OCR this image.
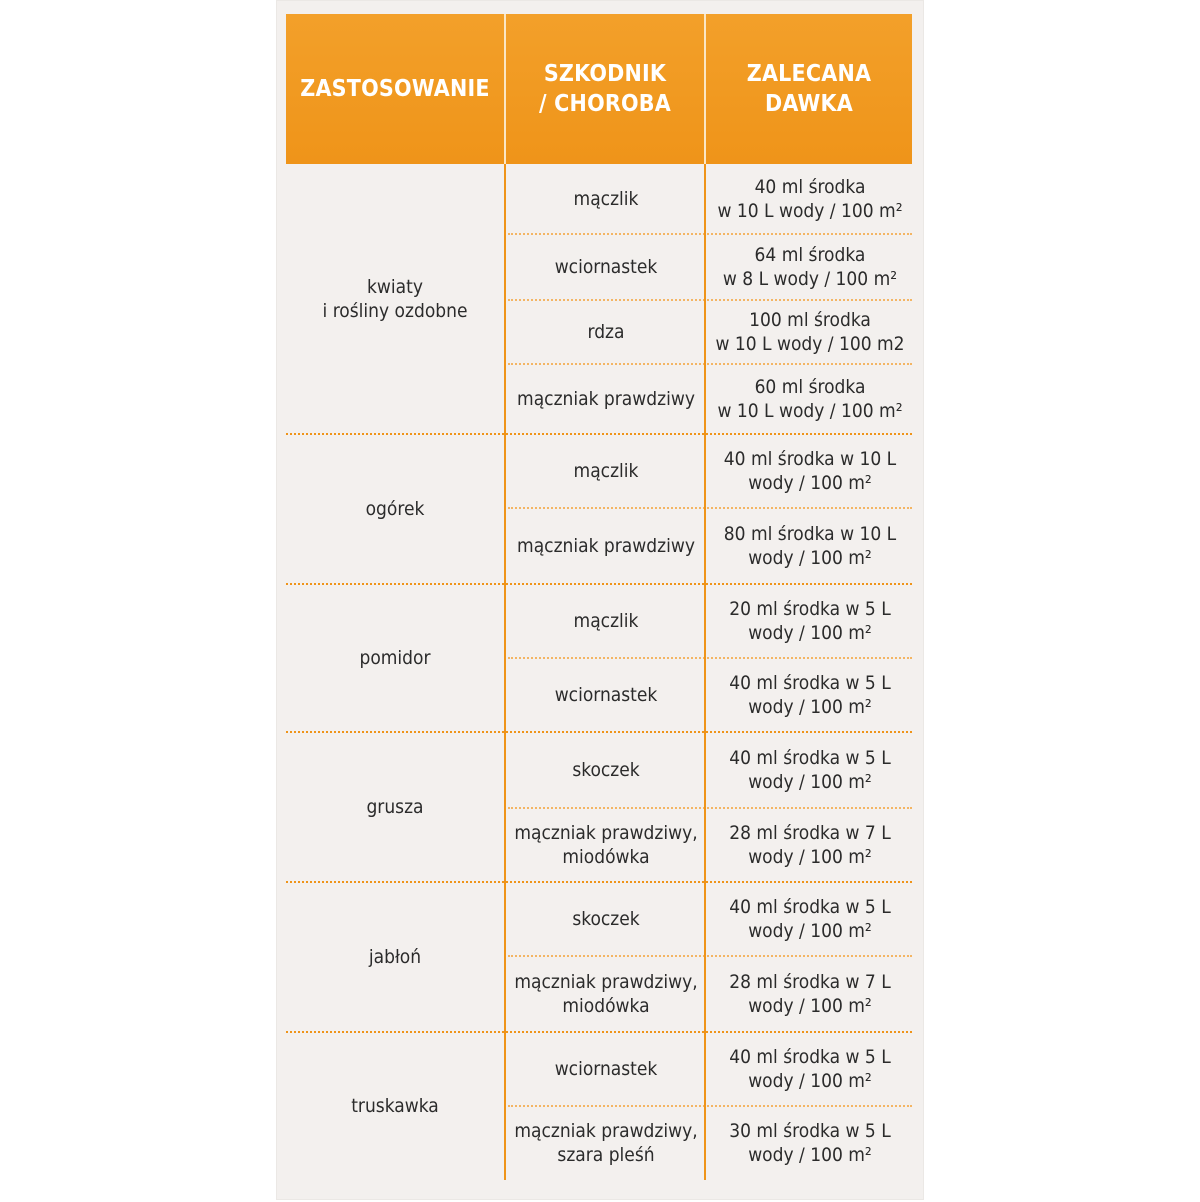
ZASTOSOWANIE
SZKODNIK
/ CHOROBA
ZALECANA
DAWKA
kwiaty
i rośliny ozdobne
mączlik
40 ml środka
w 10 L wody / 100 m²
wciornastek
64 ml środka
w 8 L wody / 100 m²
rdza
100 ml środka
w 10 L wody / 100 m2
mączniak prawdziwy
60 ml środka
w 10 L wody / 100 m²
ogórek
mączlik
40 ml środka w 10 L
wody / 100 m²
mączniak prawdziwy
80 ml środka w 10 L
wody / 100 m²
pomidor
mączlik
20 ml środka w 5 L
wody / 100 m²
wciornastek
40 ml środka w 5 L
wody / 100 m²
grusza
skoczek
40 ml środka w 5 L
wody / 100 m²
mączniak prawdziwy,
miodówka
28 ml środka w 7 L
wody / 100 m²
jabłoń
skoczek
40 ml środka w 5 L
wody / 100 m²
mączniak prawdziwy,
miodówka
28 ml środka w 7 L
wody / 100 m²
truskawka
wciornastek
40 ml środka w 5 L
wody / 100 m²
mączniak prawdziwy,
szara pleśń
30 ml środka w 5 L
wody / 100 m²
